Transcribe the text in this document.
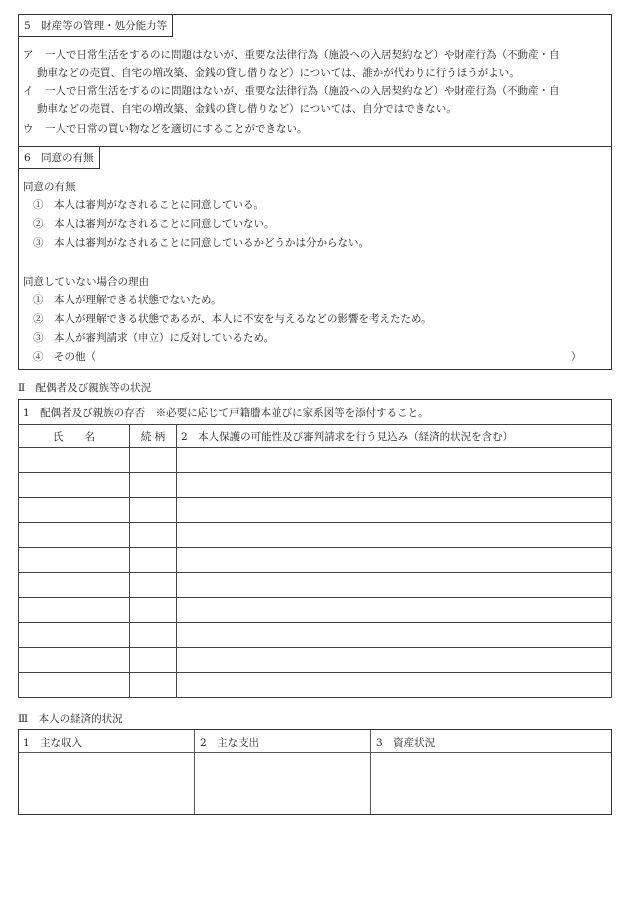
5　財産等の管理・処分能力等
ア 一人で日常生活をするのに問題はないが、重要な法律行為（施設への入居契約など）や財産行為（不動産・自
動車などの売買、自宅の増改築、金銭の貸し借りなど）については、誰かが代わりに行うほうがよい。
イ 一人で日常生活をするのに問題はないが、重要な法律行為（施設への入居契約など）や財産行為（不動産・自
動車などの売買、自宅の増改築、金銭の貸し借りなど）については、自分ではできない。
ウ 一人で日常の買い物などを適切にすることができない。
6　同意の有無
同意の有無
①　本人は審判がなされることに同意している。
②　本人は審判がなされることに同意していない。
③　本人は審判がなされることに同意しているかどうかは分からない。
同意していない場合の理由
①　本人が理解できる状態でないため。
②　本人が理解できる状態であるが、本人に不安を与えるなどの影響を考えたため。
③　本人が審判請求（申立）に反対しているため。
④　その他（	）
Ⅱ　配偶者及び親族等の状況
1　配偶者及び親族の存否　※必要に応じて戸籍謄本並びに家系図等を添付すること。
氏　　名	続 柄	2　本人保護の可能性及び審判請求を行う見込み（経済的状況を含む）

Ⅲ　本人の経済的状況
1　主な収入	2　主な支出	3　資産状況
